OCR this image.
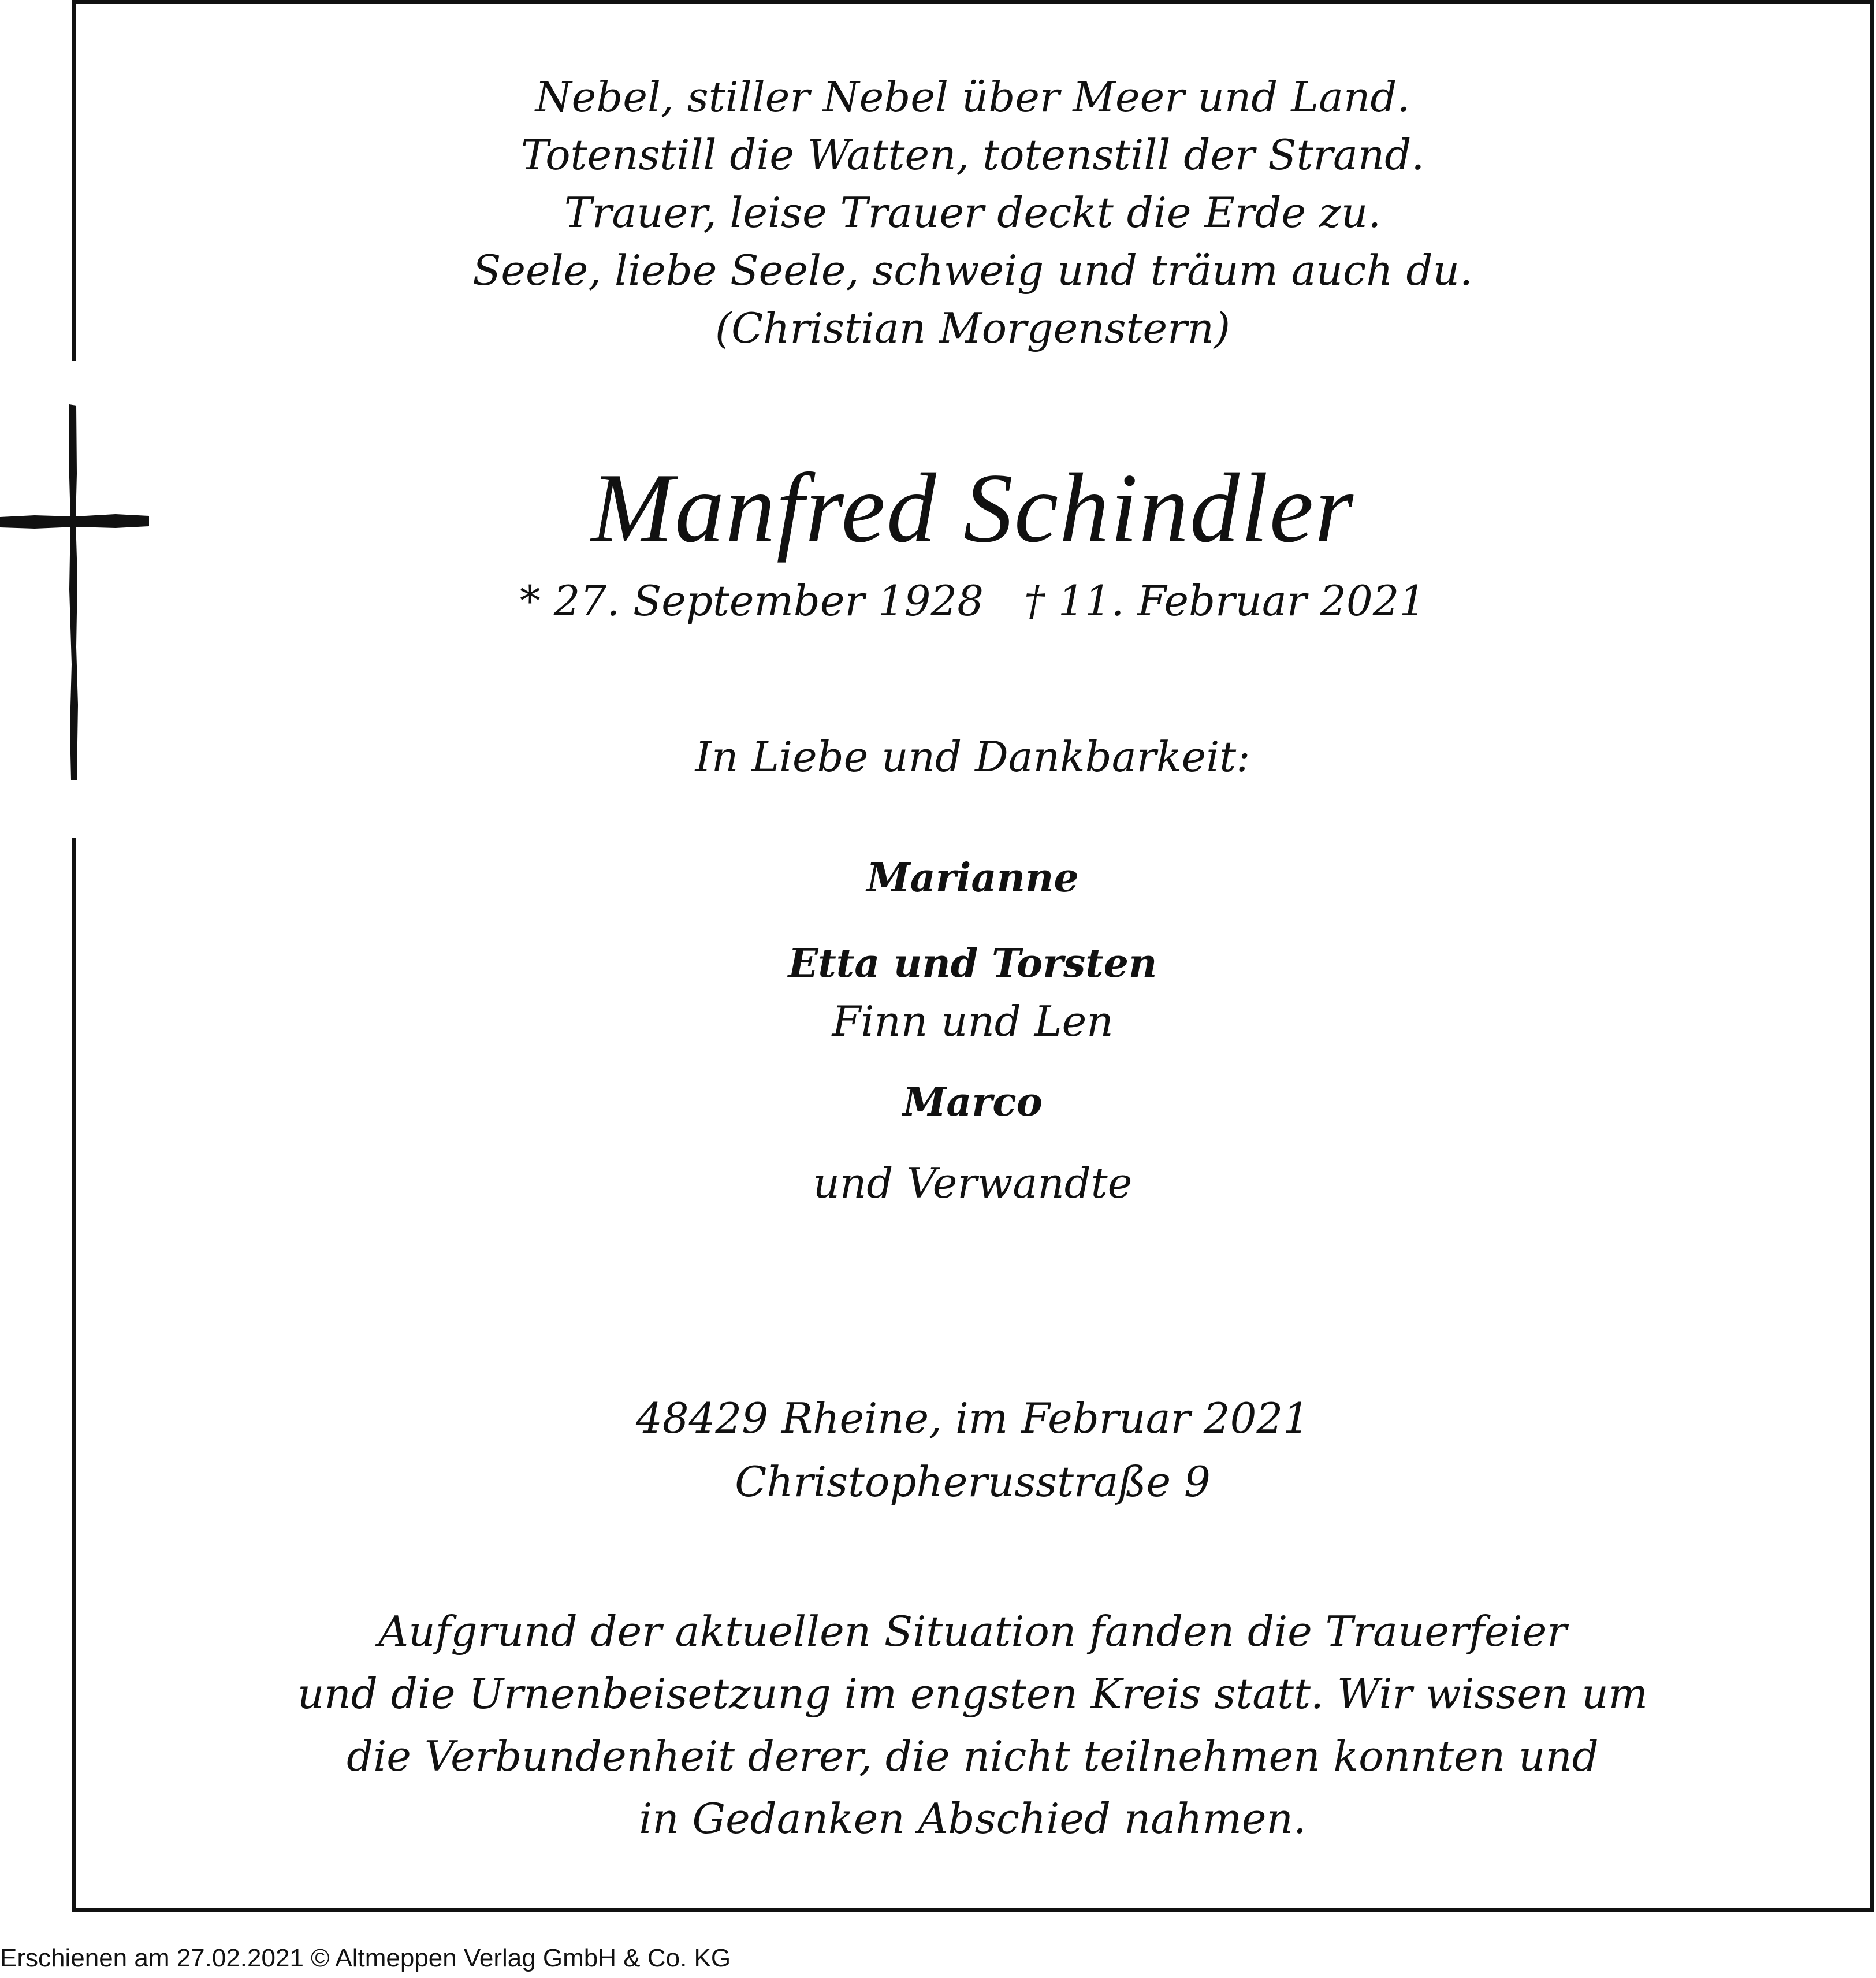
Nebel, stiller Nebel über Meer und Land.
Totenstill die Watten, totenstill der Strand.
Trauer, leise Trauer deckt die Erde zu.
Seele, liebe Seele, schweig und träum auch du.
(Christian Morgenstern)
Manfred Schindler
* 27. September 1928 † 11. Februar 2021
In Liebe und Dankbarkeit:
Marianne
Etta und Torsten
Finn und Len
Marco
und Verwandte
48429 Rheine, im Februar 2021
Christopherusstraße 9
Aufgrund der aktuellen Situation fanden die Trauerfeier
und die Urnenbeisetzung im engsten Kreis statt. Wir wissen um
die Verbundenheit derer, die nicht teilnehmen konnten und
in Gedanken Abschied nahmen.
Erschienen am 27.02.2021 © Altmeppen Verlag GmbH & Co. KG
